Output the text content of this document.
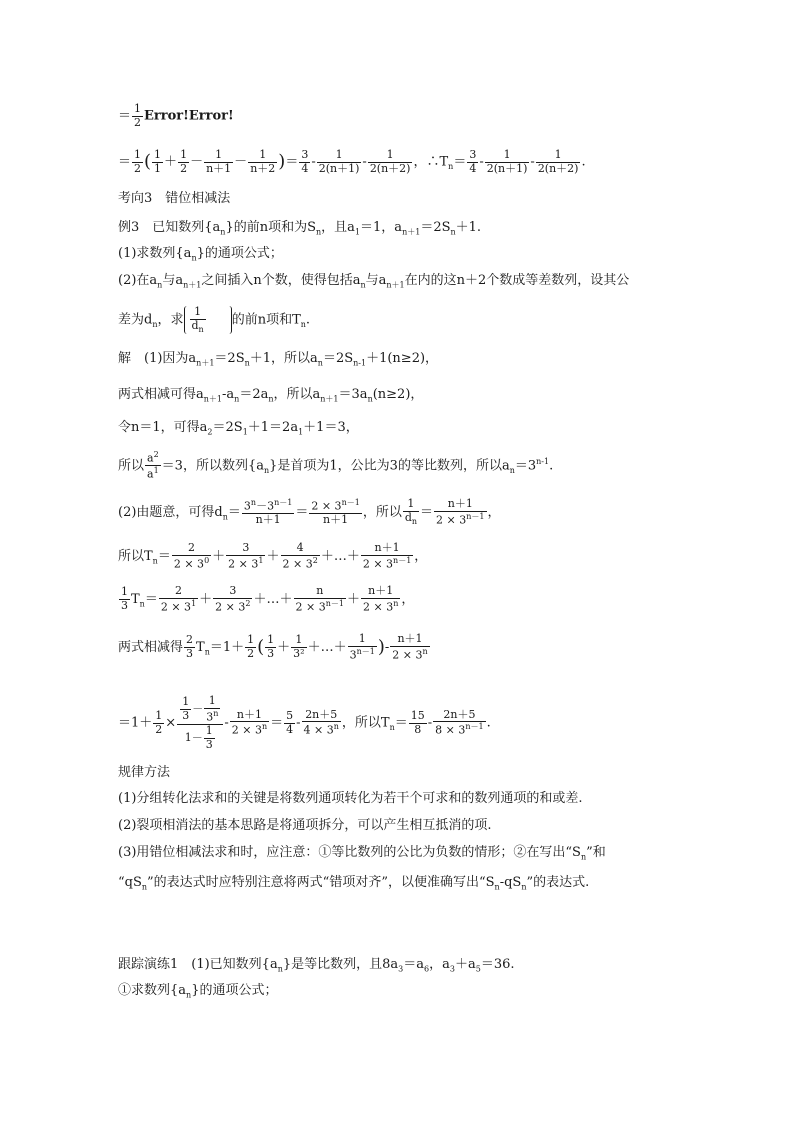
＝ $\frac{1}{2}$ Error!Error!
＝ $\frac{1}{2}$ ( $\frac{1}{1} + \frac{1}{2} - \frac{1}{n+1} - \frac{1}{n+2}$ )＝ $\frac{3}{4} - \frac{1}{2(n+1)} - \frac{1}{2(n+2)}$ ，$\therefore T_n= \frac{3}{4} - \frac{1}{2(n+1)} - \frac{1}{2(n+2)}$ .
考向3　错位相减法
例3　已知数列$\{a_n\}$的前n项和为$S_n$，且$a_1=1$，$a_{n+1}=2S_n+1$.
(1)求数列$\{a_n\}$的通项公式；
(2)在$a_n$与$a_{n+1}$之间插入n个数，使得包括$a_n$与$a_{n+1}$在内的这n＋2个数成等差数列，设其公
差为$d_n$，求 $\frac{1}{d_n}$ 的前n项和$T_n$.
解　(1)因为$a_{n+1}=2S_n+1$，所以$a_n=2S_{n-1}+1(n\ge 2)$，
两式相减可得$a_{n+1}-a_n=2a_n$，所以$a_{n+1}=3a_n(n\ge 2)$，
令n＝1，可得$a_2=2S_1+1=2a_1+1=3$，
所以 $\frac{a^2}{a^1} =3$，所以数列$\{a_n\}$是首项为1，公比为3的等比数列，所以$a_n=3^{n-1}$.
(2)由题意，可得$d_n= \frac{3^n-3^{n-1}}{n+1} = \frac{2 \times 3^{n-1}}{n+1}$ ，所以 $\frac{1}{d_n} = \frac{n+1}{2 \times 3^{n-1}}$ ，
所以$T_n= \frac{2}{2 \times 3^0} + \frac{3}{2 \times 3^1} + \frac{4}{2 \times 3^2}$ ＋…＋ $\frac{n+1}{2 \times 3^{n-1}}$ ，
$\frac{1}{3} T_n= \frac{2}{2 \times 3^1} + \frac{3}{2 \times 3^2}$ ＋…＋ $\frac{n}{2 \times 3^{n-1}} + \frac{n+1}{2 \times 3^n}$ ，
两式相减得 $\frac{2}{3} T_n=1+ \frac{1}{2}$ ( $\frac{1}{3} + \frac{1}{\text{3²}}$ ＋…＋ $\frac{1}{3^{n-1}}$ )- $\frac{n+1}{2 \times 3^n}$
$=1+ \frac{1}{2} \times \frac{\frac{1}{3} - \frac{1}{3^n}}{1- \frac{1}{3}} - \frac{n+1}{2 \times 3^n} = \frac{5}{4} - \frac{2n+5}{4 \times 3^n}$ ，所以$T_n= \frac{15}{8} - \frac{2n+5}{8 \times 3^{n-1}}$ .
规律方法
(1)分组转化法求和的关键是将数列通项转化为若干个可求和的数列通项的和或差.
(2)裂项相消法的基本思路是将通项拆分，可以产生相互抵消的项.
(3)用错位相减法求和时，应注意：①等比数列的公比为负数的情形；②在写出“$S_n$”和
“$qS_n$”的表达式时应特别注意将两式“错项对齐”，以便准确写出“$S_n-qS_n$”的表达式.
跟踪演练1　(1)已知数列$\{a_n\}$是等比数列，且$8a_3=a_6$，$a_3+a_5=36$.
①求数列$\{a_n\}$的通项公式；
